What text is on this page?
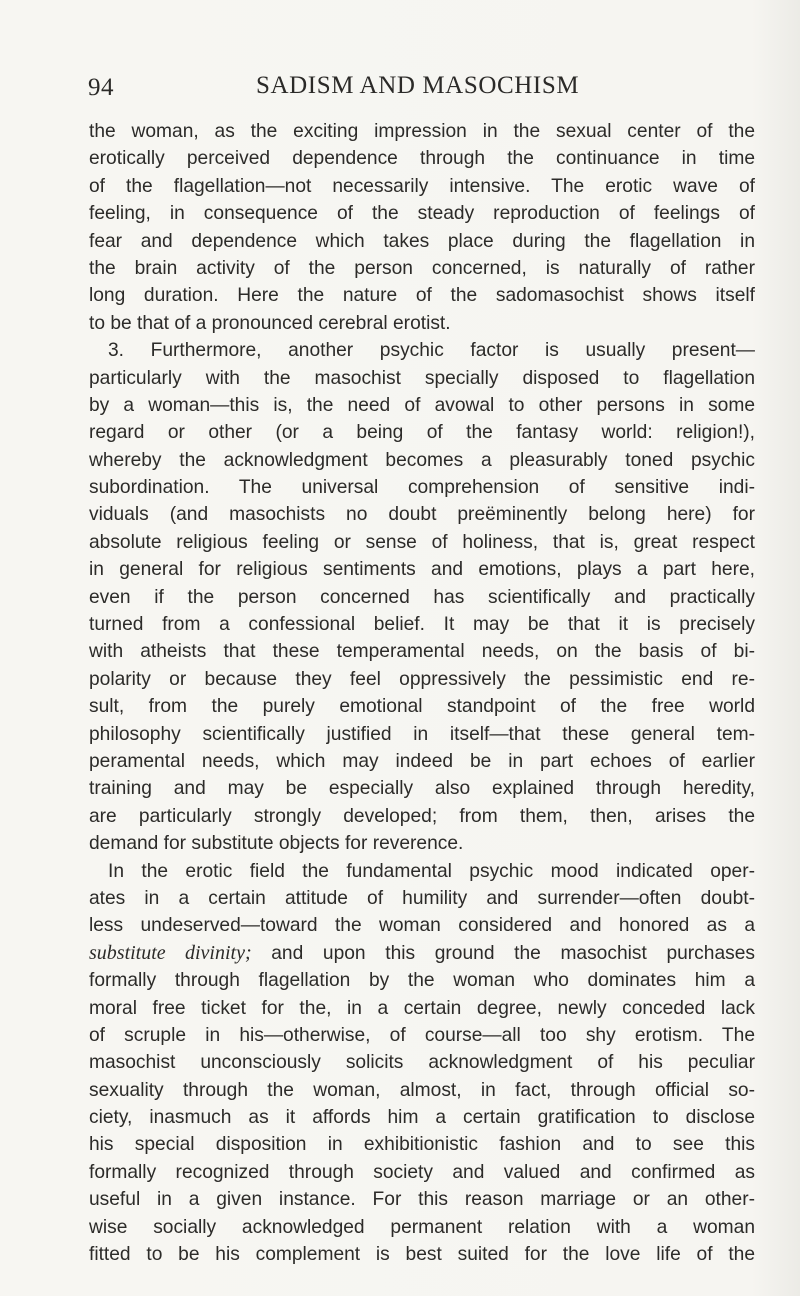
94	SADISM AND MASOCHISM
the woman, as the exciting impression in the sexual center of the
erotically perceived dependence through the continuance in time
of the flagellation—not necessarily intensive. The erotic wave of
feeling, in consequence of the steady reproduction of feelings of
fear and dependence which takes place during the flagellation in
the brain activity of the person concerned, is naturally of rather
long duration. Here the nature of the sadomasochist shows itself
to be that of a pronounced cerebral erotist.
3. Furthermore, another psychic factor is usually present—
particularly with the masochist specially disposed to flagellation
by a woman—this is, the need of avowal to other persons in some
regard or other (or a being of the fantasy world: religion!),
whereby the acknowledgment becomes a pleasurably toned psychic
subordination. The universal comprehension of sensitive indi-
viduals (and masochists no doubt preëminently belong here) for
absolute religious feeling or sense of holiness, that is, great respect
in general for religious sentiments and emotions, plays a part here,
even if the person concerned has scientifically and practically
turned from a confessional belief. It may be that it is precisely
with atheists that these temperamental needs, on the basis of bi-
polarity or because they feel oppressively the pessimistic end re-
sult, from the purely emotional standpoint of the free world
philosophy scientifically justified in itself—that these general tem-
peramental needs, which may indeed be in part echoes of earlier
training and may be especially also explained through heredity,
are particularly strongly developed; from them, then, arises the
demand for substitute objects for reverence.
In the erotic field the fundamental psychic mood indicated oper-
ates in a certain attitude of humility and surrender—often doubt-
less undeserved—toward the woman considered and honored as a
substitute divinity; and upon this ground the masochist purchases
formally through flagellation by the woman who dominates him a
moral free ticket for the, in a certain degree, newly conceded lack
of scruple in his—otherwise, of course—all too shy erotism. The
masochist unconsciously solicits acknowledgment of his peculiar
sexuality through the woman, almost, in fact, through official so-
ciety, inasmuch as it affords him a certain gratification to disclose
his special disposition in exhibitionistic fashion and to see this
formally recognized through society and valued and confirmed as
useful in a given instance. For this reason marriage or an other-
wise socially acknowledged permanent relation with a woman
fitted to be his complement is best suited for the love life of the
